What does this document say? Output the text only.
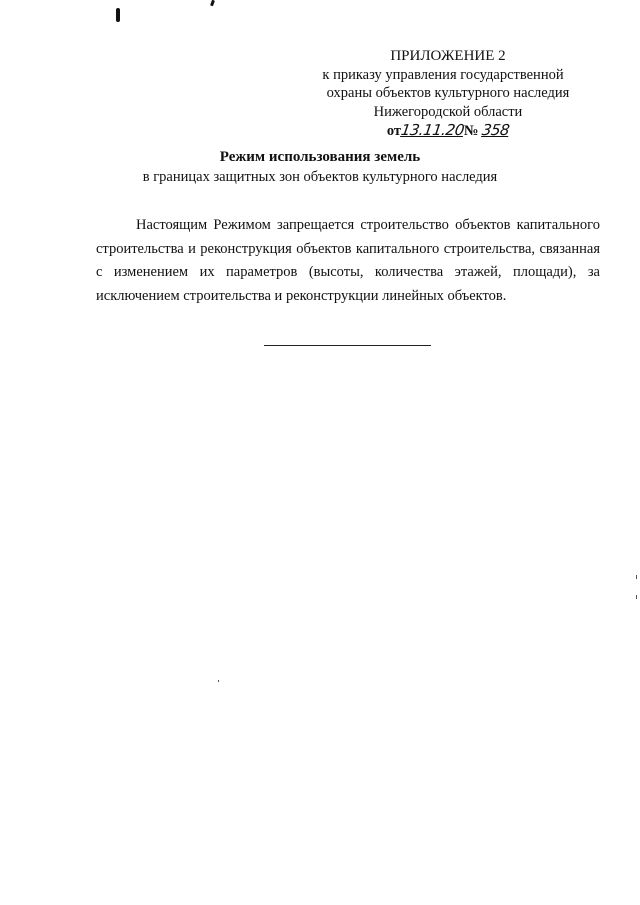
ПРИЛОЖЕНИЕ 2
к приказу управления государственной
охраны объектов культурного наследия
Нижегородской области
от13.11.20№ 358
Режим использования земель
в границах защитных зон объектов культурного наследия

Настоящим Режимом запрещается строительство объектов капитального строительства и реконструкция объектов капитального строительства, связанная с изменением их параметров (высоты, количества этажей, площади), за исключением строительства и реконструкции линейных объектов.
